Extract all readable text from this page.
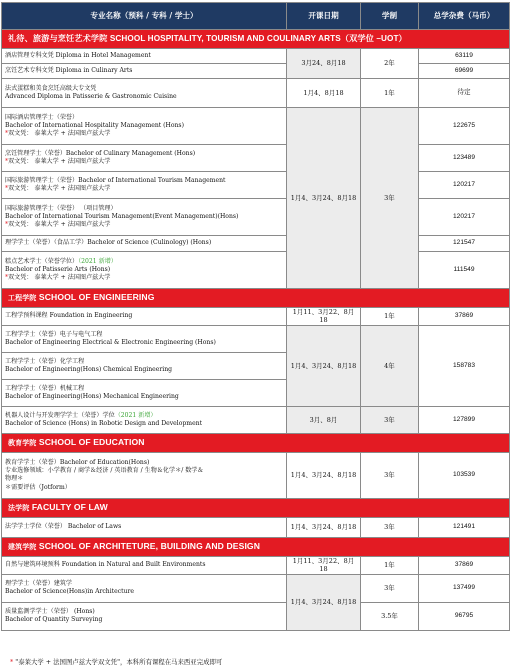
专业名称（预科 / 专科 / 学士）	开课日期	学制	总学杂费（马币）
礼待、旅游与烹饪艺术学院 SCHOOL HOSPITALITY, TOURISM AND COULINARY ARTS（双学位 –UOT）			
酒店管理专科文凭 Diploma in Hotel Management	3月24、8月18	2年	63119
烹饪艺术专科文凭 Diploma in Culinary Arts			69699

法式蛋糕和美食烹饪高级大专文凭
Advanced Diploma in Patisserie & Gastronomic Cuisine	1月4、8月18	1年	待定

国际酒店管理学士（荣誉）
Bachelor of International Hospitality Management (Hons)
*双文凭： 泰莱大学 + 法国图卢兹大学	1月4、3月24、8月18	3年	122675

烹饪管理学士（荣誉）Bachelor of Culinary Management (Hons)
*双文凭： 泰莱大学 + 法国图卢兹大学			123489

国际旅游管理学士（荣誉）Bachelor of International Tourism Management
*双文凭： 泰莱大学 + 法国图卢兹大学			120217

国际旅游管理学士（荣誉） （项目管理）
Bachelor of International Tourism Management(Event Management)(Hons)
*双文凭： 泰莱大学 + 法国图卢兹大学			120217
理学学士（荣誉）（食品工学）Bachelor of Science (Culinology) (Hons)			121547

糕点艺术学士（荣誉学位）（2021 新增）
Bachelor of Patisserie Arts (Hons)
*双文凭： 泰莱大学 + 法国图卢兹大学			111549
工程学院 SCHOOL OF ENGINEERING			
工程学预科课程 Foundation in Engineering	1月11、3月22、8月18	1年	37869

工程学学士（荣誉）电子与电气工程
Bachelor of Engineering Electrical & Electronic Engineering (Hons)	1月4、3月24、8月18	4年	158783

工程学学士（荣誉）化学工程
Bachelor of Engineering(Hons) Chemical Engineering			

工程学学士（荣誉）机械工程
Bachelor of Engineering(Hons) Mechanical Engineering			

机器人设计与开发理学学士（荣誉）学位（2021 新增）
Bachelor of Science (Hons) in Robotic Design and Development	3月、8月	3年	127899
教育学院 SCHOOL OF EDUCATION			

教育学学士（荣誉）Bachelor of Education(Hons)
专业选修领域：小学教育 / 商学＆经济 / 英语教育 / 生物＆化学＊/ 数学＆
物理＊
＊需要评估（Jotform）	1月4、3月24、8月18	3年	103539
法学院 FACULTY OF LAW			
法学学士学位（荣誉） Bachelor of Laws	1月4、3月24、8月18	3年	121491
建筑学院 SCHOOL OF ARCHITETURE, BUILDING AND DESIGN			
自然与建筑环境预科 Foundation in Natural and Built Environments	1月11、3月22、8月18	1年	37869

理学学士（荣誉）建筑学
Bachelor of Science(Hons)in Architecture	1月4、3月24、8月18	3年	137499

质量监测学学士（荣誉） (Hons)
Bachelor of Quantity Surveying		3.5年	96795
* "泰莱大学 + 法国图卢兹大学双文凭"，本科所有课程在马来西亚完成即可
